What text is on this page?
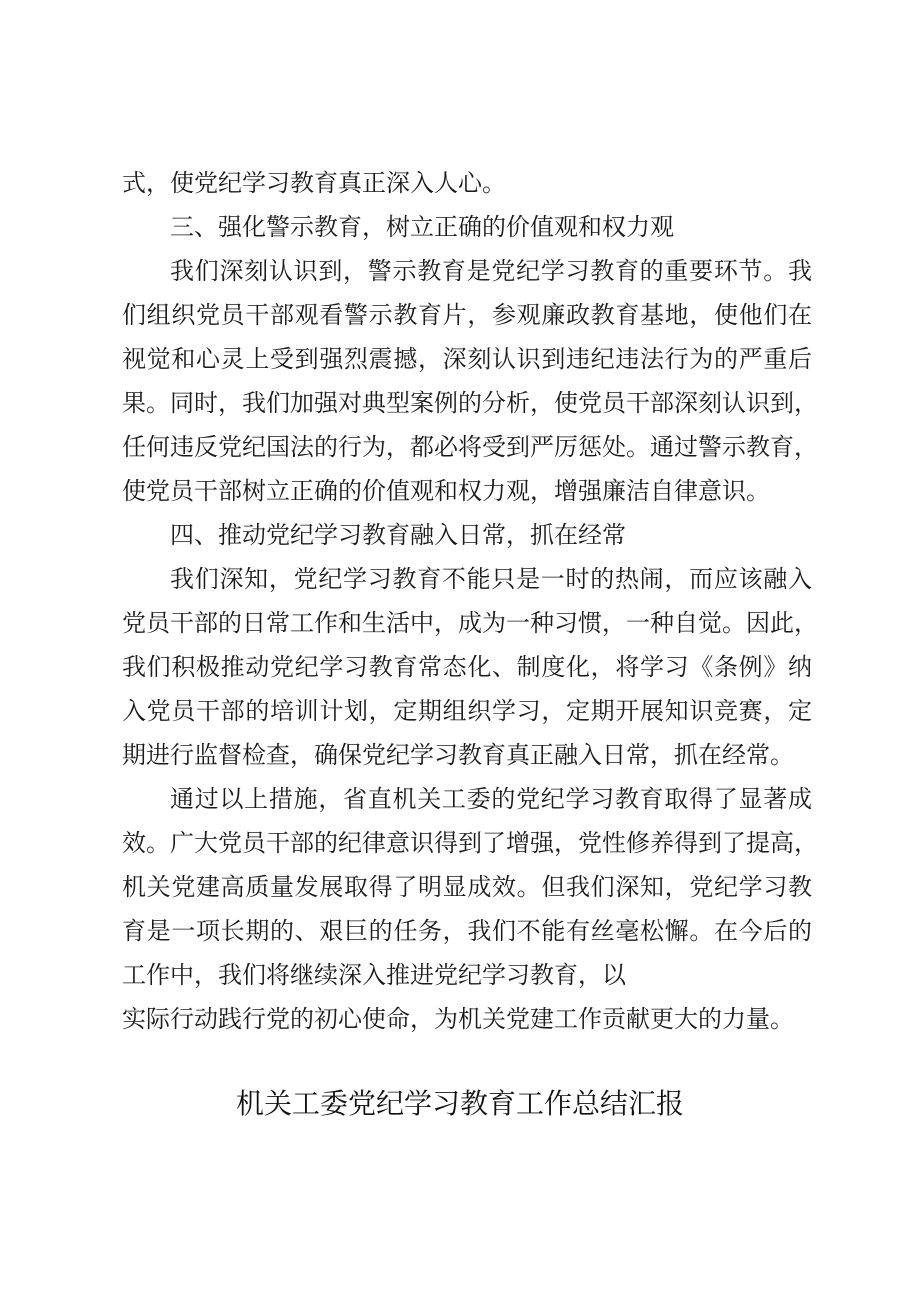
式，使党纪学习教育真正深入人心。
三、强化警示教育，树立正确的价值观和权力观
我们深刻认识到，警示教育是党纪学习教育的重要环节。我
们组织党员干部观看警示教育片，参观廉政教育基地，使他们在
视觉和心灵上受到强烈震撼，深刻认识到违纪违法行为的严重后
果。同时，我们加强对典型案例的分析，使党员干部深刻认识到，
任何违反党纪国法的行为，都必将受到严厉惩处。通过警示教育，
使党员干部树立正确的价值观和权力观，增强廉洁自律意识。
四、推动党纪学习教育融入日常，抓在经常
我们深知，党纪学习教育不能只是一时的热闹，而应该融入
党员干部的日常工作和生活中，成为一种习惯，一种自觉。因此，
我们积极推动党纪学习教育常态化、制度化，将学习《条例》纳
入党员干部的培训计划，定期组织学习，定期开展知识竞赛，定
期进行监督检查，确保党纪学习教育真正融入日常，抓在经常。
通过以上措施，省直机关工委的党纪学习教育取得了显著成
效。广大党员干部的纪律意识得到了增强，党性修养得到了提高，
机关党建高质量发展取得了明显成效。但我们深知，党纪学习教
育是一项长期的、艰巨的任务，我们不能有丝毫松懈。在今后的
工作中，我们将继续深入推进党纪学习教育，以
实际行动践行党的初心使命，为机关党建工作贡献更大的力量。
机关工委党纪学习教育工作总结汇报
